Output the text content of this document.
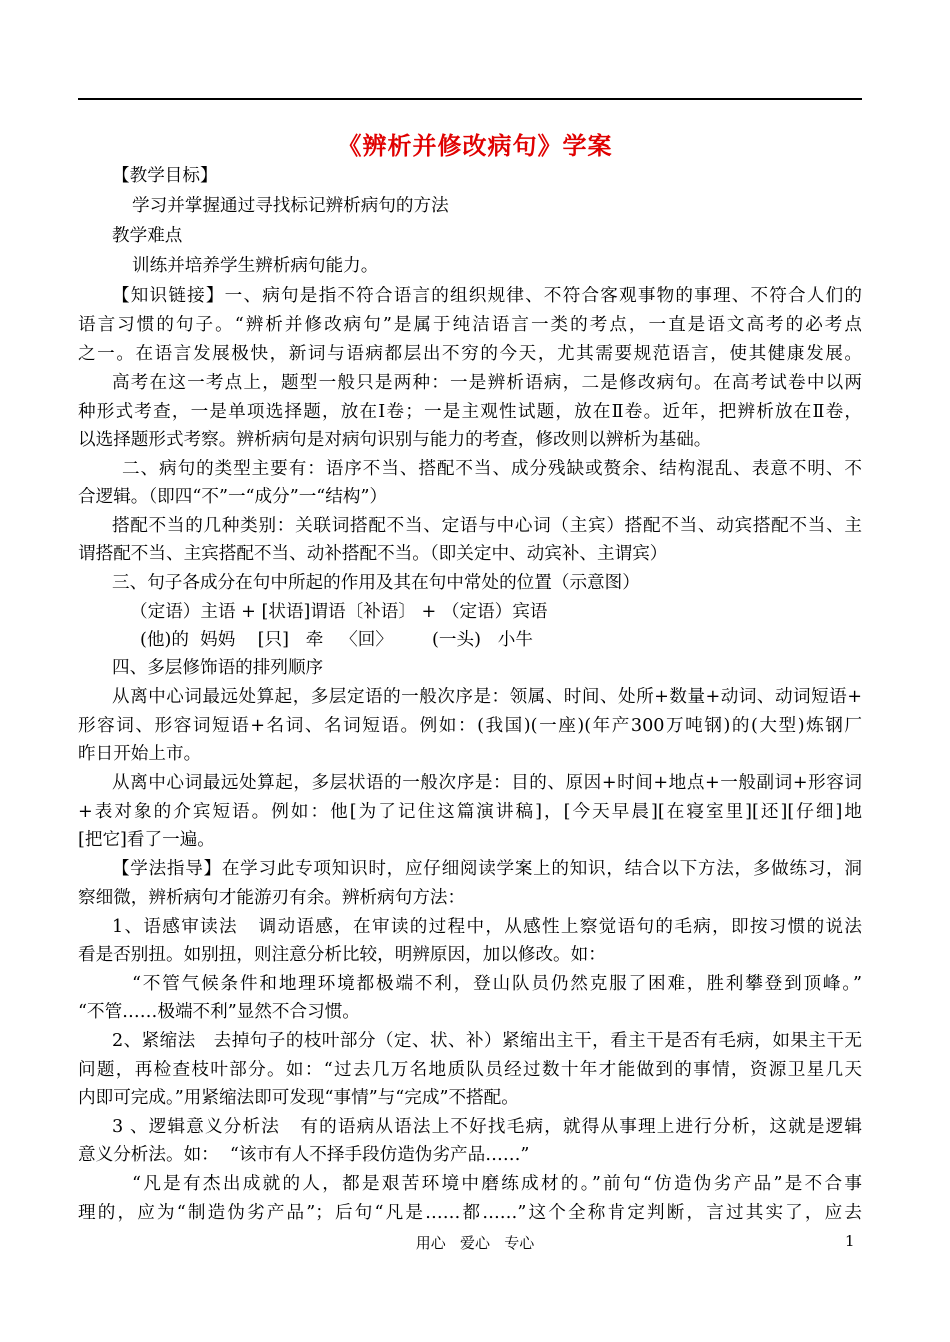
《辨析并修改病句》学案
【教学目标】
学习并掌握通过寻找标记辨析病句的方法
教学难点
训练并培养学生辨析病句能力。
【知识链接】一、病句是指不符合语言的组织规律、不符合客观事物的事理、不符合人们的
语言习惯的句子。“辨析并修改病句”是属于纯洁语言一类的考点，一直是语文高考的必考点
之一。在语言发展极快，新词与语病都层出不穷的今天，尤其需要规范语言，使其健康发展。
高考在这一考点上，题型一般只是两种：一是辨析语病，二是修改病句。在高考试卷中以两
种形式考查，一是单项选择题，放在Ⅰ卷；一是主观性试题，放在Ⅱ卷。近年，把辨析放在Ⅱ卷，
以选择题形式考察。辨析病句是对病句识别与能力的考查，修改则以辨析为基础。
二、病句的类型主要有：语序不当、搭配不当、成分残缺或赘余、结构混乱、表意不明、不
合逻辑。（即四“不”一“成分”一“结构”）
搭配不当的几种类别：关联词搭配不当、定语与中心词（主宾）搭配不当、动宾搭配不当、主
谓搭配不当、主宾搭配不当、动补搭配不当。（即关定中、动宾补、主谓宾）
三、句子各成分在句中所起的作用及其在句中常处的位置（示意图）
（定语）主语 + [状语]谓语〔补语〕 + （定语）宾语
(他)的  妈妈    [只]   牵   〈回〉       (一头)   小牛
四、多层修饰语的排列顺序
从离中心词最远处算起，多层定语的一般次序是：领属、时间、处所+数量+动词、动词短语+
形容词、形容词短语+名词、名词短语。例如：(我国)(一座)(年产300万吨钢)的(大型)炼钢厂
昨日开始上市。
从离中心词最远处算起，多层状语的一般次序是：目的、原因+时间+地点+一般副词+形容词
+表对象的介宾短语。例如：他[为了记住这篇演讲稿]，[今天早晨][在寝室里][还][仔细]地
[把它]看了一遍。
【学法指导】在学习此专项知识时，应仔细阅读学案上的知识，结合以下方法，多做练习，洞
察细微，辨析病句才能游刃有余。辨析病句方法：
1、语感审读法   调动语感，在审读的过程中，从感性上察觉语句的毛病，即按习惯的说法
看是否别扭。如别扭，则注意分析比较，明辨原因，加以修改。如：
“不管气候条件和地理环境都极端不利，登山队员仍然克服了困难，胜利攀登到顶峰。”
“不管……极端不利”显然不合习惯。
2、紧缩法   去掉句子的枝叶部分（定、状、补）紧缩出主干，看主干是否有毛病，如果主干无
问题，再检查枝叶部分。如：“过去几万名地质队员经过数十年才能做到的事情，资源卫星几天
内即可完成。”用紧缩法即可发现“事情”与“完成”不搭配。
3 、逻辑意义分析法   有的语病从语法上不好找毛病，就得从事理上进行分析，这就是逻辑
意义分析法。如：  “该市有人不择手段仿造伪劣产品……”
“凡是有杰出成就的人，都是艰苦环境中磨练成材的。”前句“仿造伪劣产品”是不合事
理的，应为“制造伪劣产品”；后句“凡是……都……”这个全称肯定判断，言过其实了，应去
用心   爱心   专心	1
